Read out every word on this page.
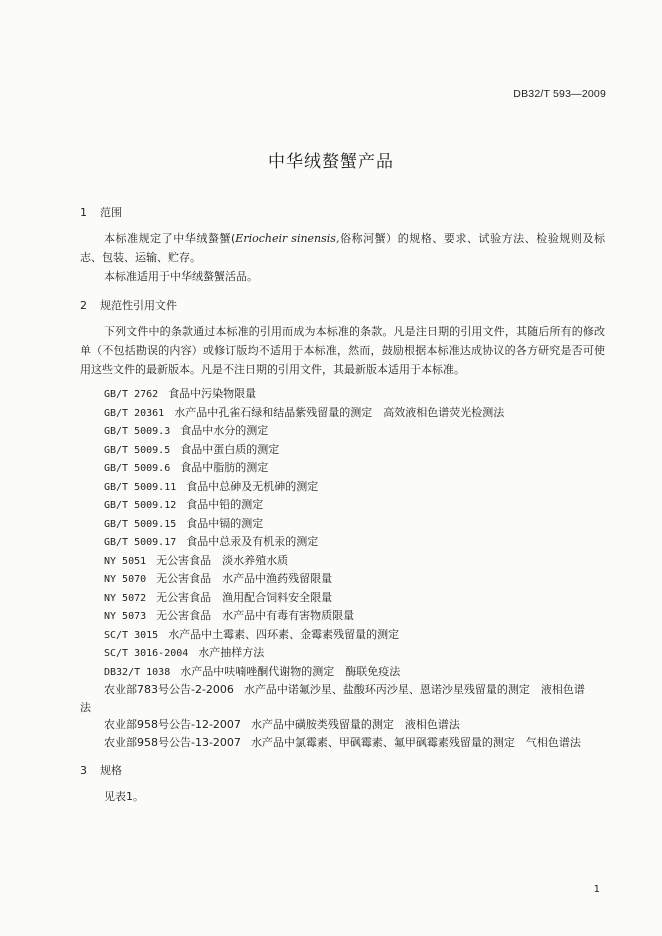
DB32/T 593—2009
中华绒螯蟹产品
1 范围
本标准规定了中华绒螯蟹(Eriocheir sinensis,俗称河蟹）的规格、要求、试验方法、检验规则及标志、包装、运输、贮存。
本标准适用于中华绒螯蟹活品。
2 规范性引用文件
下列文件中的条款通过本标准的引用而成为本标准的条款。凡是注日期的引用文件，其随后所有的修改单（不包括勘误的内容）或修订版均不适用于本标准，然而，鼓励根据本标准达成协议的各方研究是否可使用这些文件的最新版本。凡是不注日期的引用文件，其最新版本适用于本标准。
GB/T 2762 食品中污染物限量
GB/T 20361 水产品中孔雀石绿和结晶紫残留量的测定　高效液相色谱荧光检测法
GB/T 5009.3 食品中水分的测定
GB/T 5009.5 食品中蛋白质的测定
GB/T 5009.6 食品中脂肪的测定
GB/T 5009.11 食品中总砷及无机砷的测定
GB/T 5009.12 食品中铅的测定
GB/T 5009.15 食品中镉的测定
GB/T 5009.17 食品中总汞及有机汞的测定
NY 5051 无公害食品　淡水养殖水质
NY 5070 无公害食品　水产品中渔药残留限量
NY 5072 无公害食品　渔用配合饲料安全限量
NY 5073 无公害食品　水产品中有毒有害物质限量
SC/T 3015 水产品中土霉素、四环素、金霉素残留量的测定
SC/T 3016-2004 水产抽样方法
DB32/T 1038 水产品中呋喃唑酮代谢物的测定　酶联免疫法
农业部783号公告-2-2006 水产品中诺氟沙星、盐酸环丙沙星、恩诺沙星残留量的测定　液相色谱
法
农业部958号公告-12-2007 水产品中磺胺类残留量的测定　液相色谱法
农业部958号公告-13-2007 水产品中氯霉素、甲砜霉素、氟甲砜霉素残留量的测定　气相色谱法
3 规格
见表1。
1
